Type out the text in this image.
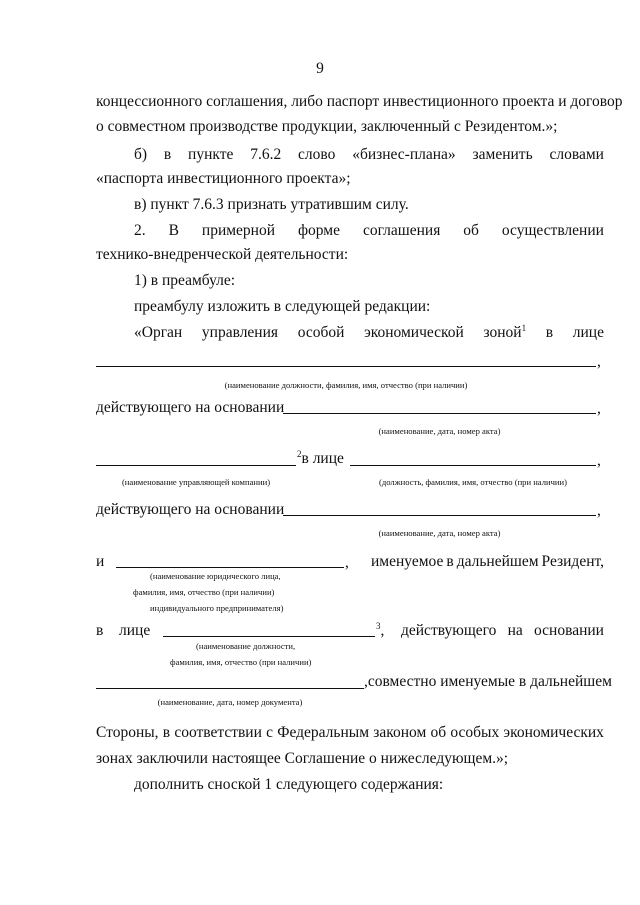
9
концессионного соглашения, либо паспорт инвестиционного проекта и договор
о совместном производстве продукции, заключенный с Резидентом.»;
б) в пункте 7.6.2 слово «бизнес-плана» заменить словами
«паспорта инвестиционного проекта»;
в) пункт 7.6.3 признать утратившим силу.
2. В примерной форме соглашения об осуществлении
технико-внедренческой деятельности:
1) в преамбуле:
преамбулу изложить в следующей редакции:
«Орган управления особой экономической зоной$^1$ в лице
,
(наименование должности, фамилия, имя, отчество (при наличии)
действующего на основании	,
(наименование, дата, номер акта)
$^2$в лице	,
(наименование управляющей компании)	(должность, фамилия, имя, отчество (при наличии)
действующего на основании	,
(наименование, дата, номер акта)
и	, именуемое в дальнейшем Резидент,
(наименование юридического лица,
фамилия, имя, отчество (при наличии)
индивидуального предпринимателя)
в лице	$^3$, действующего на основании
(наименование должности,
фамилия, имя, отчество (при наличии)
,совместно именуемые в дальнейшем
(наименование, дата, номер документа)
Стороны, в соответствии с Федеральным законом об особых экономических
зонах заключили настоящее Соглашение о нижеследующем.»;
дополнить сноской 1 следующего содержания:
